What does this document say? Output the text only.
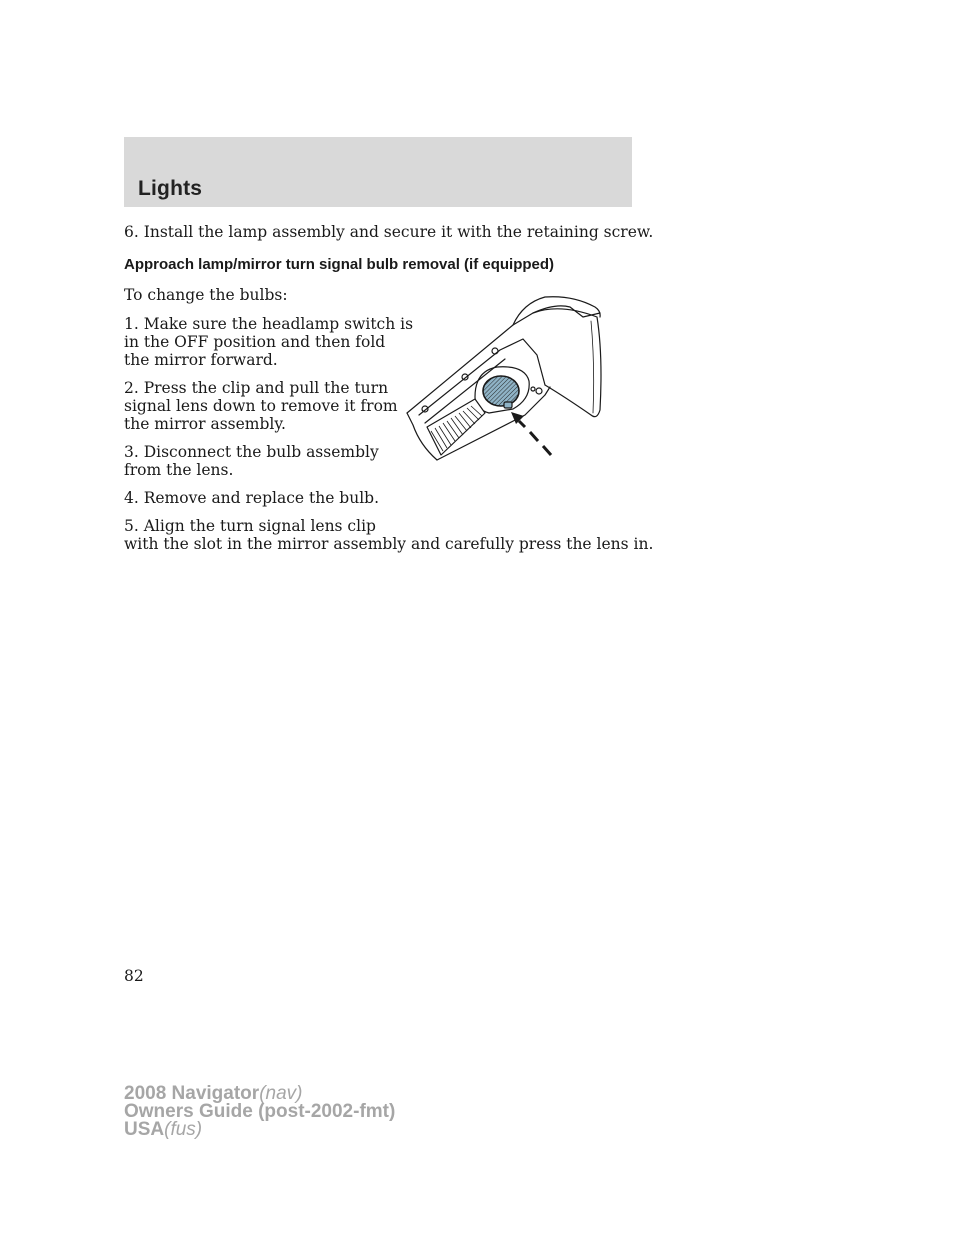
Lights
6. Install the lamp assembly and secure it with the retaining screw.
Approach lamp/mirror turn signal bulb removal (if equipped)
To change the bulbs:
1. Make sure the headlamp switch is
in the OFF position and then fold
the mirror forward.
2. Press the clip and pull the turn
signal lens down to remove it from
the mirror assembly.
3. Disconnect the bulb assembly
from the lens.
4. Remove and replace the bulb.
5. Align the turn signal lens clip
with the slot in the mirror assembly and carefully press the lens in.
82
2008 Navigator(nav)
Owners Guide (post-2002-fmt)
USA(fus)
